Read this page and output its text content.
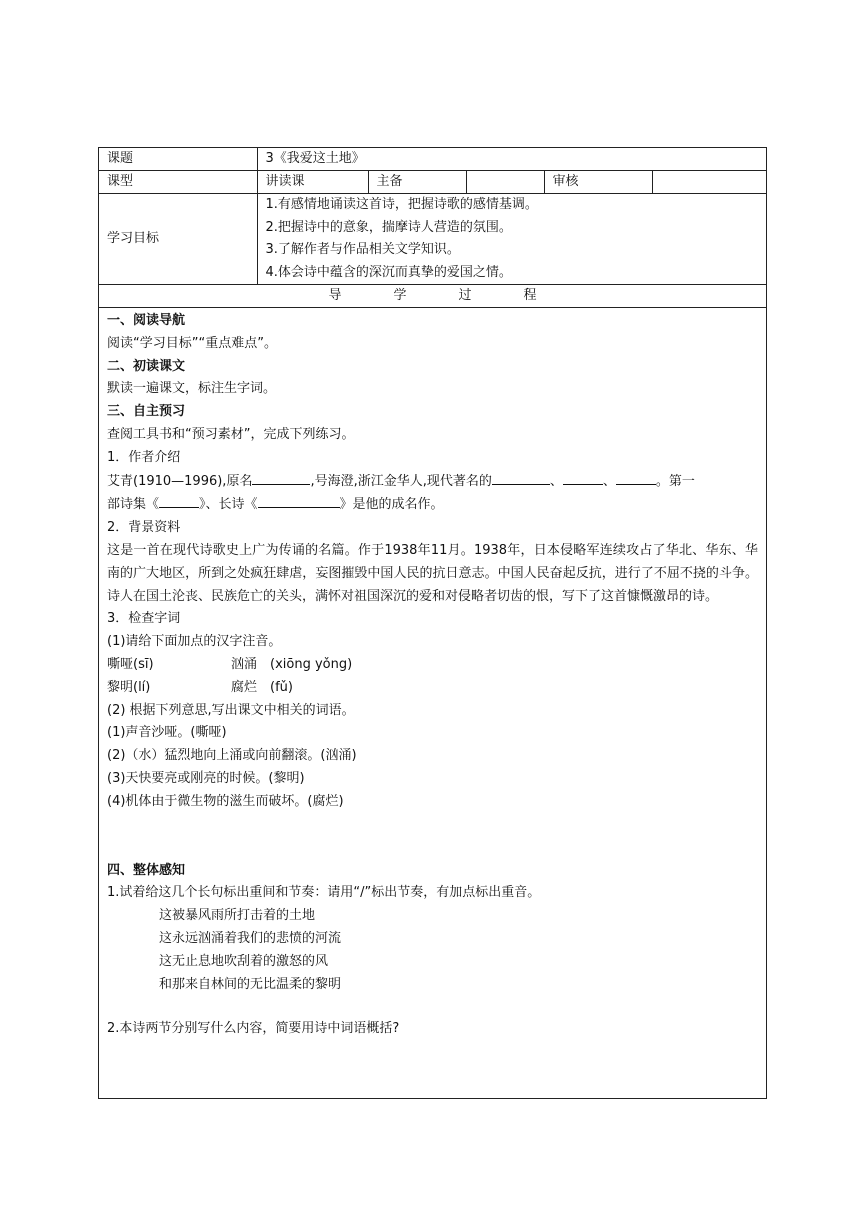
课题	3《我爱这土地》				
课型	讲读课	主备		审核	
学习目标	1.有感情地诵读这首诗，把握诗歌的感情基调。
2.把握诗中的意象，揣摩诗人营造的氛围。
3.了解作者与作品相关文学知识。
4.体会诗中蕴含的深沉而真挚的爱国之情。				
导学过程
一、阅读导航
阅读“学习目标”“重点难点”。
二、初读课文
默读一遍课文，标注生字词。
三、自主预习
查阅工具书和“预习素材”，完成下列练习。
1．作者介绍
艾青(1910—1996),原名	,号海澄,浙江金华人,现代著名的	、	、	。第一
部诗集《	》、长诗《	》是他的成名作。
2．背景资料
这是一首在现代诗歌史上广为传诵的名篇。作于1938年11月。1938年，日本侵略军连续攻占了华北、华东、华南的广大地区，所到之处疯狂肆虐，妄图摧毁中国人民的抗日意志。中国人民奋起反抗，进行了不屈不挠的斗争。诗人在国土沦丧、民族危亡的关头，满怀对祖国深沉的爱和对侵略者切齿的恨，写下了这首慷慨激昂的诗。
3．检查字词
(1)请给下面加点的汉字注音。
嘶哑(sī)	汹涌　(xiōng yǒng)
黎明(lí)	腐烂　(fǔ)
(2) 根据下列意思,写出课文中相关的词语。
(1)声音沙哑。(嘶哑)
(2)（水）猛烈地向上涌或向前翻滚。(汹涌)
(3)天快要亮或刚亮的时候。(黎明)
(4)机体由于微生物的滋生而破坏。(腐烂)
四、整体感知
1.试着给这几个长句标出重间和节奏：请用“/”标出节奏，有加点标出重音。
这被暴风雨所打击着的土地
这永远汹涌着我们的悲愤的河流
这无止息地吹刮着的激怒的风
和那来自林间的无比温柔的黎明
2.本诗两节分别写什么内容，简要用诗中词语概括?
